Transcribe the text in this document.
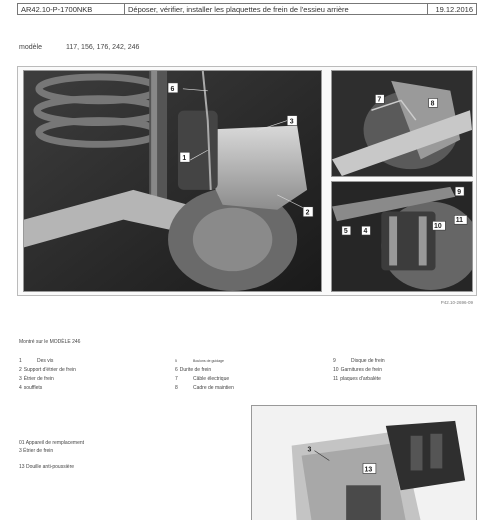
AR42.10-P-1700NKB	Déposer, vérifier, installer les plaquettes de frein de l'essieu arrière	19.12.2016
modèle	117, 156, 176, 242, 246
6
3
1
2
7
8
9
5 4
10
11
P42.10-2696-09
Montré sur le MODÈLE 246
1	Des vis
2 Support d'étrier de frein
3 Étrier de frein
4 soufflets
5	Boulons de guidage
6 Durite de frein
7	Câble électrique
8	Cadre de maintien
9	Disque de frein
10 Garnitures de frein
11 plaques d'arbalète
01 Appareil de remplacement
3 Étrier de frein
13 Douille anti-poussière
3
13
